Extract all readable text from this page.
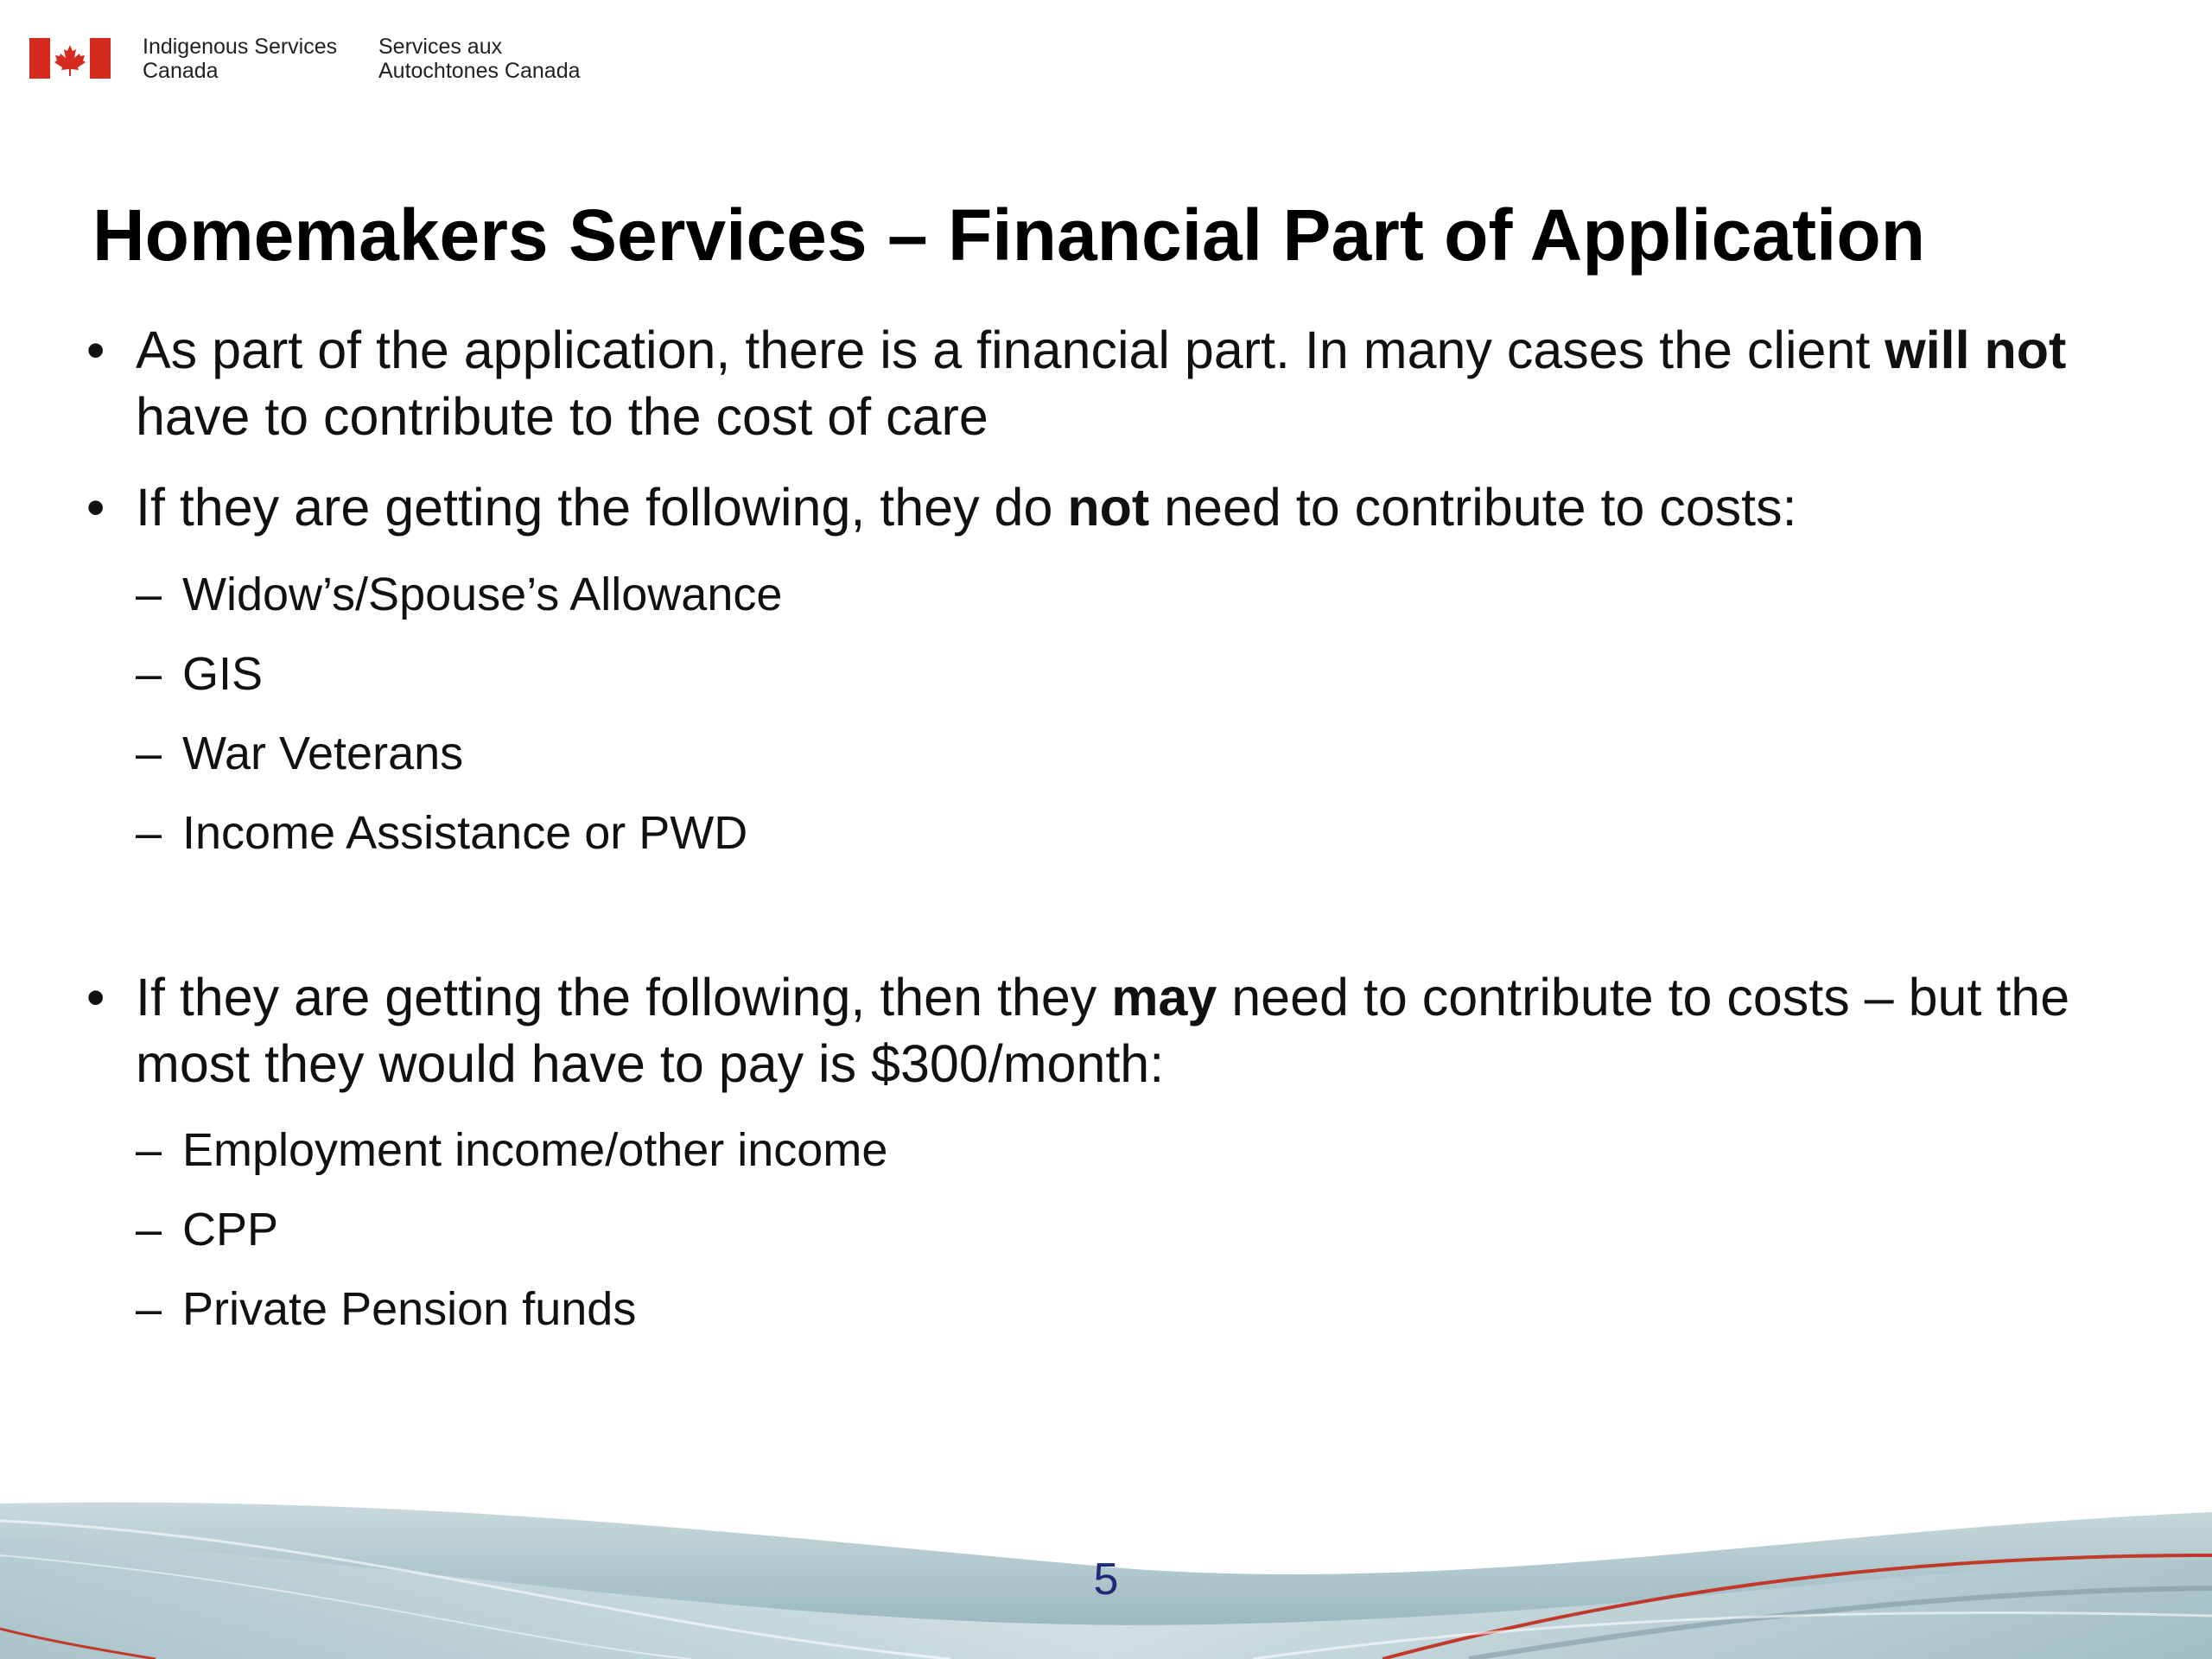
Indigenous Services
Canada
Services aux
Autochtones Canada
Homemakers Services – Financial Part of Application
• As part of the application, there is a financial part. In many cases the client will not have to contribute to the cost of care
• If they are getting the following, they do not need to contribute to costs:
– Widow’s/Spouse’s Allowance
– GIS
– War Veterans
– Income Assistance or PWD
• If they are getting the following, then they may need to contribute to costs – but the most they would have to pay is $300/month:
– Employment income/other income
– CPP
– Private Pension funds
5
